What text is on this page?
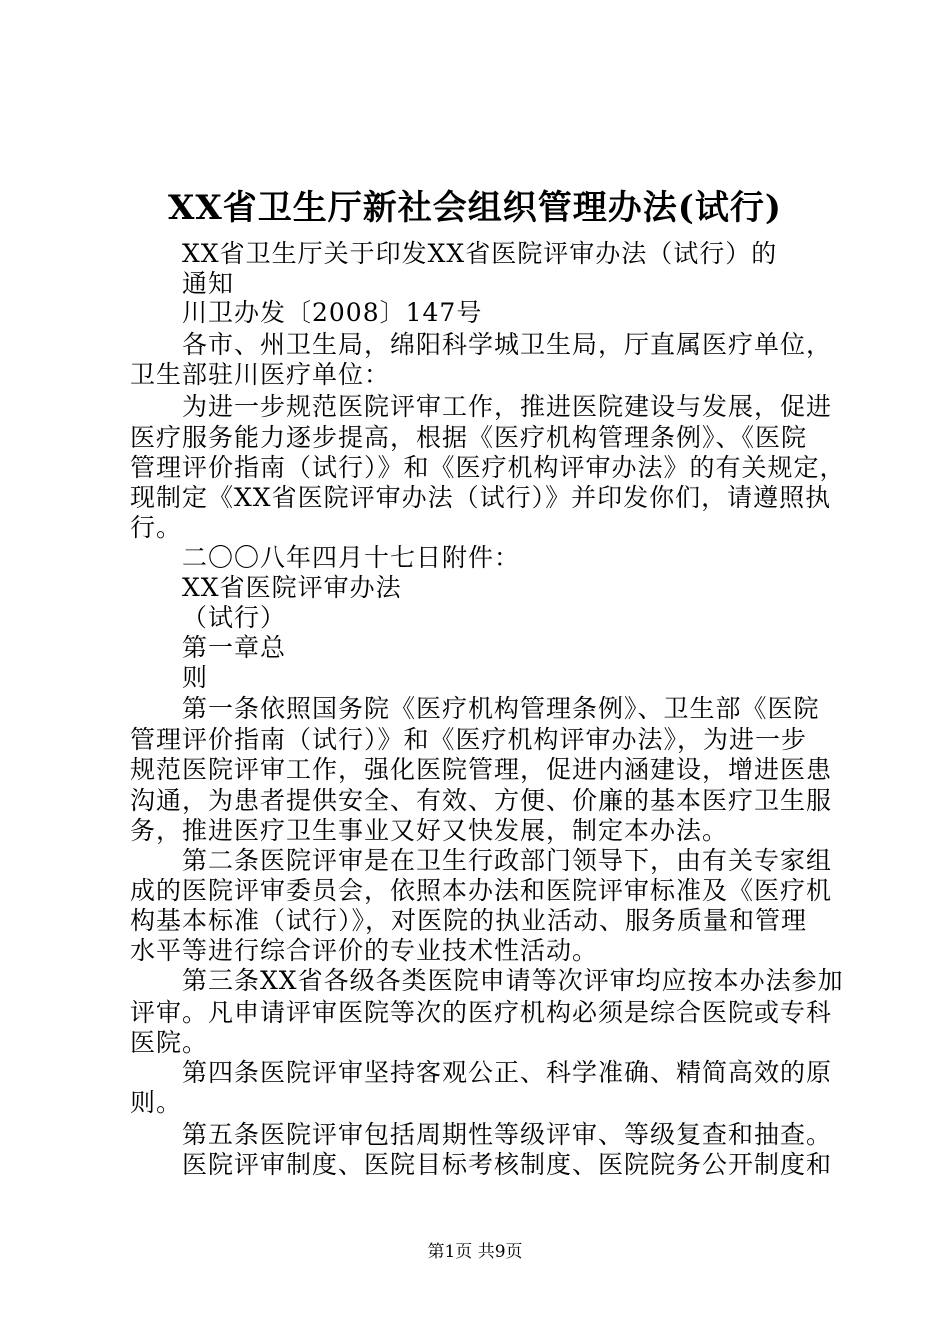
XX省卫生厅新社会组织管理办法(试行)
XX省卫生厅关于印发XX省医院评审办法（试行）的
通知
川卫办发〔2008〕147号
各市、州卫生局，绵阳科学城卫生局，厅直属医疗单位，
卫生部驻川医疗单位：
为进一步规范医院评审工作，推进医院建设与发展，促进
医疗服务能力逐步提高，根据《医疗机构管理条例》、《医院
管理评价指南（试行）》和《医疗机构评审办法》的有关规定，
现制定《XX省医院评审办法（试行）》并印发你们，请遵照执
行。
二〇〇八年四月十七日附件：
XX省医院评审办法
（试行）
第一章总
则
第一条依照国务院《医疗机构管理条例》、卫生部《医院
管理评价指南（试行）》和《医疗机构评审办法》，为进一步
规范医院评审工作，强化医院管理，促进内涵建设，增进医患
沟通，为患者提供安全、有效、方便、价廉的基本医疗卫生服
务，推进医疗卫生事业又好又快发展，制定本办法。
第二条医院评审是在卫生行政部门领导下，由有关专家组
成的医院评审委员会，依照本办法和医院评审标准及《医疗机
构基本标准（试行）》，对医院的执业活动、服务质量和管理
水平等进行综合评价的专业技术性活动。
第三条XX省各级各类医院申请等次评审均应按本办法参加
评审。凡申请评审医院等次的医疗机构必须是综合医院或专科
医院。
第四条医院评审坚持客观公正、科学准确、精简高效的原
则。
第五条医院评审包括周期性等级评审、等级复查和抽查。
医院评审制度、医院目标考核制度、医院院务公开制度和
第1页 共9页
